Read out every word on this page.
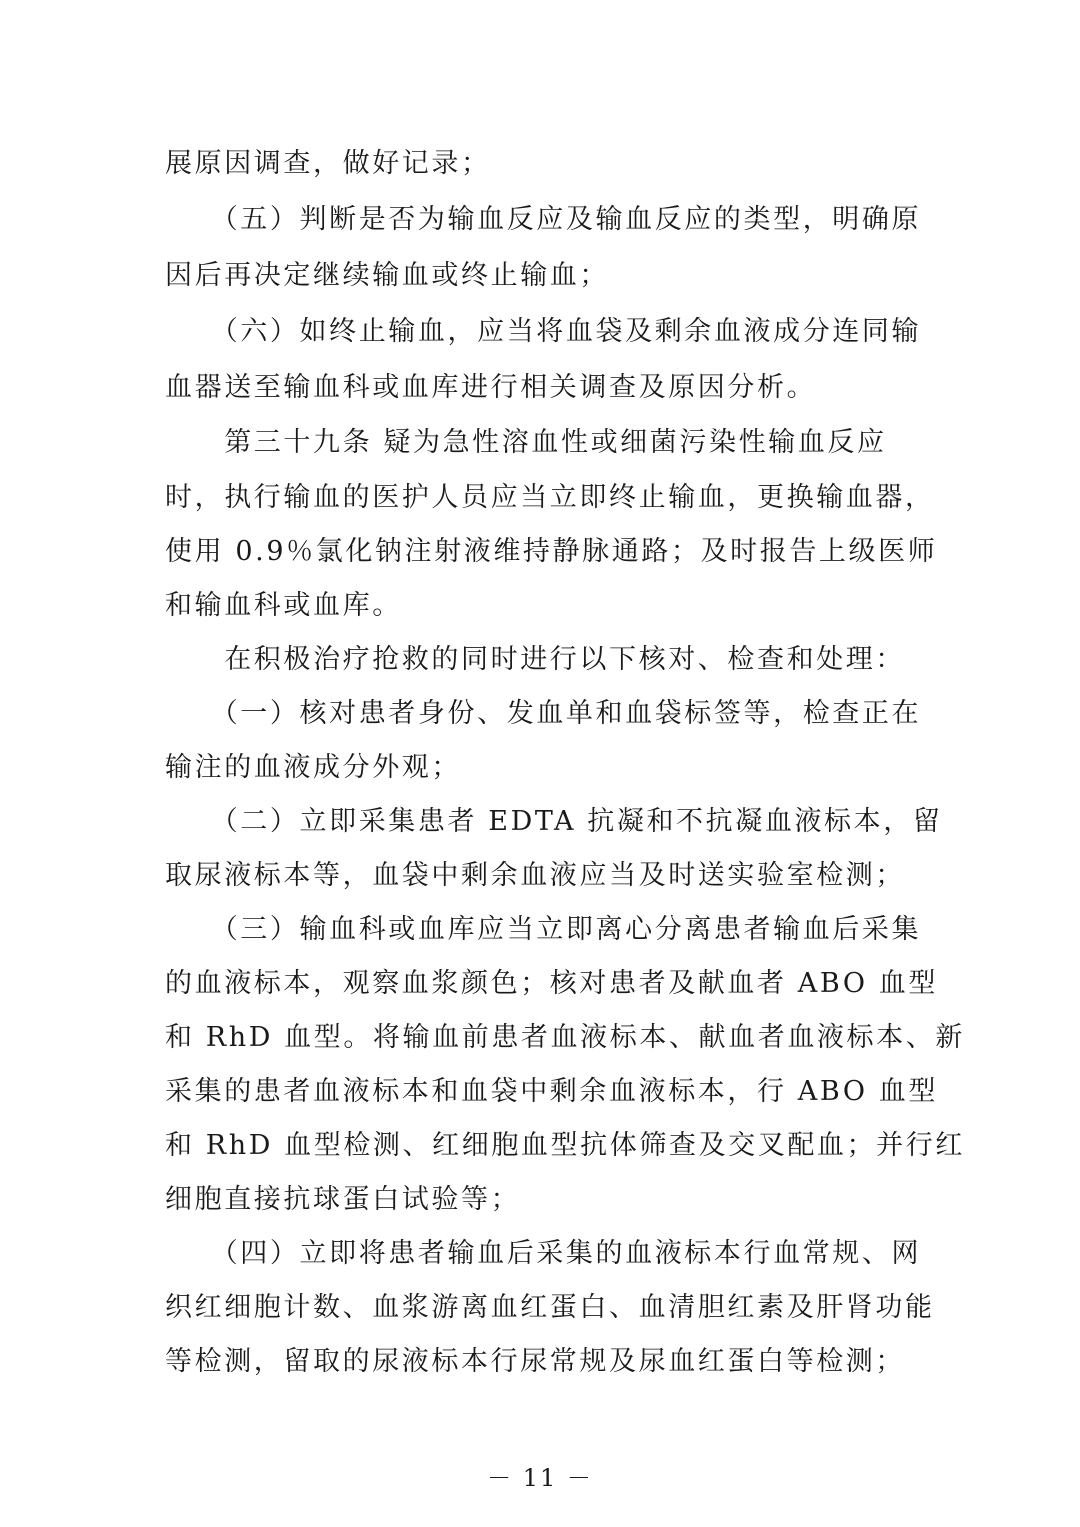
展原因调查，做好记录；
　　（五）判断是否为输血反应及输血反应的类型，明确原
因后再决定继续输血或终止输血；
　　（六）如终止输血，应当将血袋及剩余血液成分连同输
血器送至输血科或血库进行相关调查及原因分析。
　　第三十九条 疑为急性溶血性或细菌污染性输血反应
时，执行输血的医护人员应当立即终止输血，更换输血器，
使用 0.9％氯化钠注射液维持静脉通路；及时报告上级医师
和输血科或血库。
　　在积极治疗抢救的同时进行以下核对、检查和处理：
　　（一）核对患者身份、发血单和血袋标签等，检查正在
输注的血液成分外观；
　　（二）立即采集患者 EDTA 抗凝和不抗凝血液标本，留
取尿液标本等，血袋中剩余血液应当及时送实验室检测；
　　（三）输血科或血库应当立即离心分离患者输血后采集
的血液标本，观察血浆颜色；核对患者及献血者 ABO 血型
和 RhD 血型。将输血前患者血液标本、献血者血液标本、新
采集的患者血液标本和血袋中剩余血液标本，行 ABO 血型
和 RhD 血型检测、红细胞血型抗体筛查及交叉配血；并行红
细胞直接抗球蛋白试验等；
　　（四）立即将患者输血后采集的血液标本行血常规、网
织红细胞计数、血浆游离血红蛋白、血清胆红素及肝肾功能
等检测，留取的尿液标本行尿常规及尿血红蛋白等检测；
－ 11 －
